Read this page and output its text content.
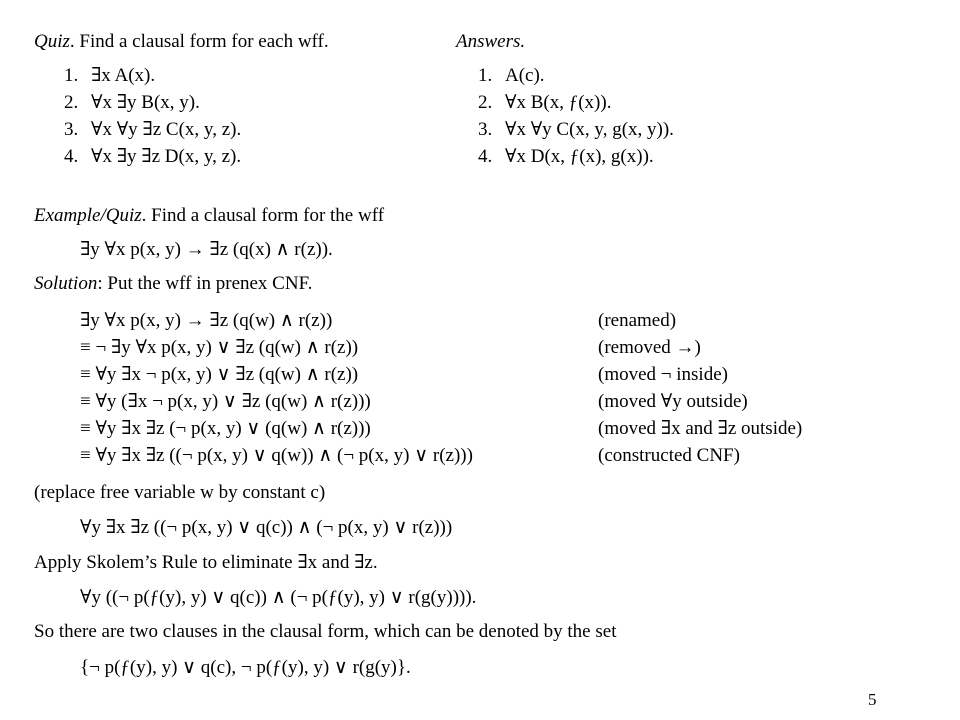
Quiz. Find a clausal form for each wff.	Answers.
1. ∃x A(x).
2. ∀x ∃y B(x, y).
3. ∀x ∀y ∃z C(x, y, z).
4. ∀x ∃y ∃z D(x, y, z).
1. A(c).
2. ∀x B(x, ƒ(x)).
3. ∀x ∀y C(x, y, g(x, y)).
4. ∀x D(x, ƒ(x), g(x)).
Example/Quiz. Find a clausal form for the wff
∃y ∀x p(x, y) → ∃z (q(x) ∧ r(z)).
Solution: Put the wff in prenex CNF.
∃y ∀x p(x, y) → ∃z (q(w) ∧ r(z))	(renamed)
≡ ¬ ∃y ∀x p(x, y) ∨ ∃z (q(w) ∧ r(z))	(removed →)
≡ ∀y ∃x ¬ p(x, y) ∨ ∃z (q(w) ∧ r(z))	(moved ¬ inside)
≡ ∀y (∃x ¬ p(x, y) ∨ ∃z (q(w) ∧ r(z)))	(moved ∀y outside)
≡ ∀y ∃x ∃z (¬ p(x, y) ∨ (q(w) ∧ r(z)))	(moved ∃x and ∃z outside)
≡ ∀y ∃x ∃z ((¬ p(x, y) ∨ q(w)) ∧ (¬ p(x, y) ∨ r(z)))	(constructed CNF)
(replace free variable w by constant c)
∀y ∃x ∃z ((¬ p(x, y) ∨ q(c)) ∧ (¬ p(x, y) ∨ r(z)))
Apply Skolem’s Rule to eliminate ∃x and ∃z.
∀y ((¬ p(ƒ(y), y) ∨ q(c)) ∧ (¬ p(ƒ(y), y) ∨ r(g(y)))).
So there are two clauses in the clausal form, which can be denoted by the set
{¬ p(ƒ(y), y) ∨ q(c), ¬ p(ƒ(y), y) ∨ r(g(y)}.
5
